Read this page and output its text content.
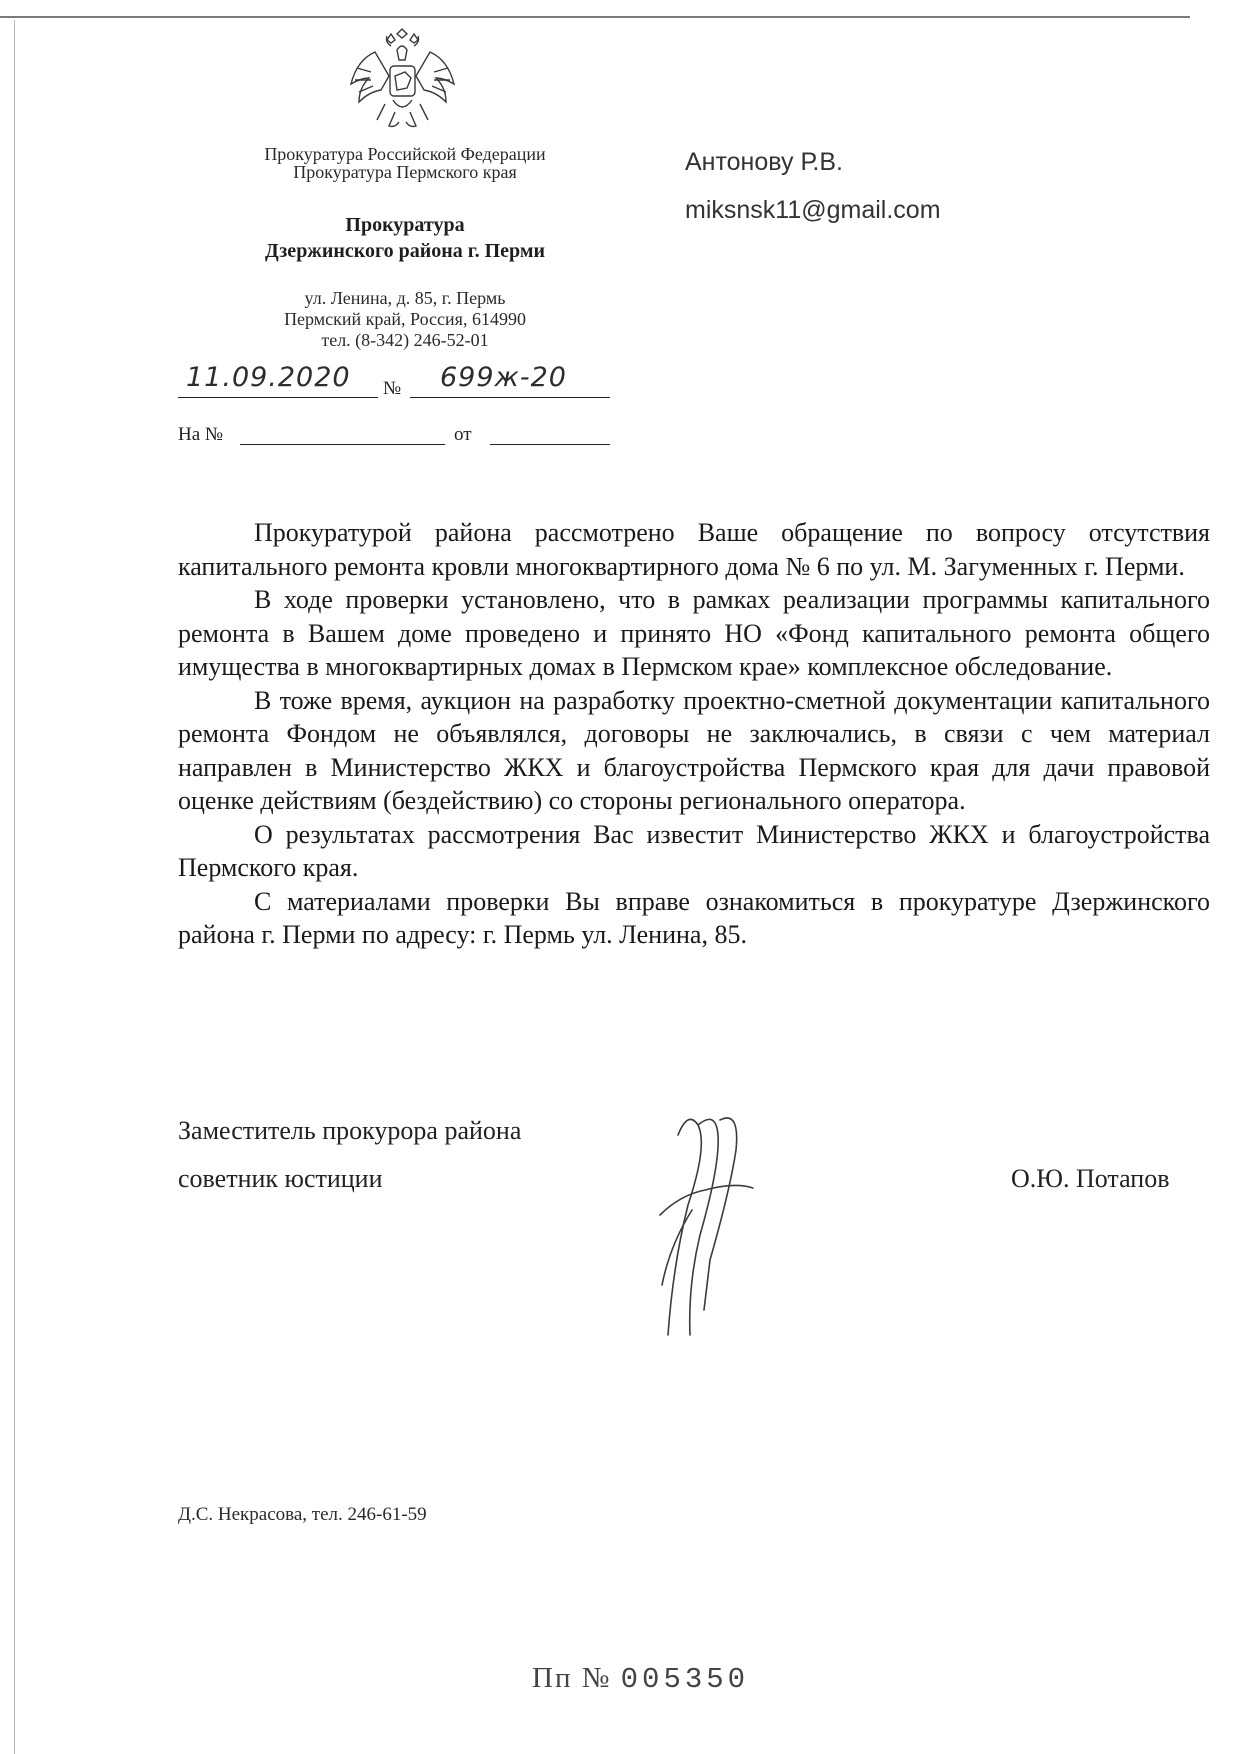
Прокуратура Российской Федерации
Прокуратура Пермского края
Прокуратура
Дзержинского района г. Перми
ул. Ленина, д. 85, г. Пермь
Пермский край, Россия, 614990
тел. (8-342) 246-52-01
11.09.2020 № 699ж-20
На №	от
Антонову Р.В.
miksnsk11@gmail.com

Прокуратурой района рассмотрено Ваше обращение по вопросу отсутствия капитального ремонта кровли многоквартирного дома № 6 по ул. М. Загуменных г. Перми.

В ходе проверки установлено, что в рамках реализации программы капитального ремонта в Вашем доме проведено и принято НО «Фонд капитального ремонта общего имущества в многоквартирных домах в Пермском крае» комплексное обследование.

В тоже время, аукцион на разработку проектно-сметной документации капитального ремонта Фондом не объявлялся, договоры не заключались, в связи с чем материал направлен в Министерство ЖКХ и благоустройства Пермского края для дачи правовой оценке действиям (бездействию) со стороны регионального оператора.

О результатах рассмотрения Вас известит Министерство ЖКХ и благоустройства Пермского края.

С материалами проверки Вы вправе ознакомиться в прокуратуре Дзержинского района г. Перми по адресу: г. Пермь ул. Ленина, 85.

Заместитель прокурора района
советник юстиции	О.Ю. Потапов
Д.С. Некрасова, тел. 246-61-59
Пп № 005350
